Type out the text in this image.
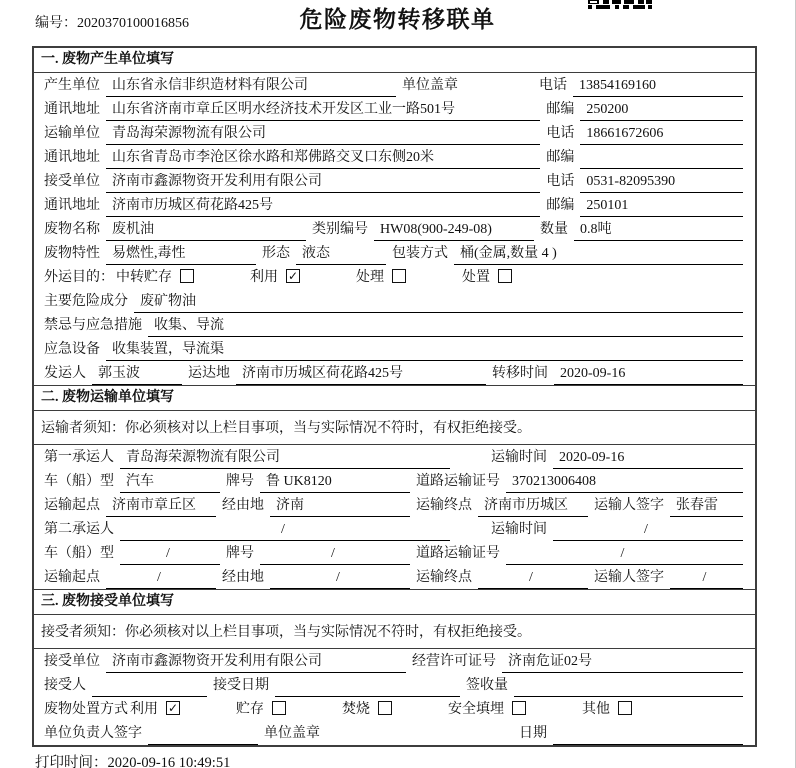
编号：2020370100016856	危险废物转移联单
一. 废物产生单位填写
产生单位 山东省永信非织造材料有限公司	单位盖章	电话 13854169160
通讯地址 山东省济南市章丘区明水经济技术开发区工业一路501号	邮编 250200
运输单位 青岛海荣源物流有限公司	电话 18661672606
通讯地址 山东省青岛市李沧区徐水路和郑佛路交叉口东侧20米	邮编
接受单位 济南市鑫源物资开发利用有限公司	电话 0531-82095390
通讯地址 济南市历城区荷花路425号	邮编 250101
废物名称 废机油	类别编号 HW08(900-249-08)	数量 0.8吨
废物特性 易燃性,毒性	形态 液态	包装方式 桶(金属,数量 4 )
外运目的： 中转贮存	利用 ✓	处理	处置
主要危险成分 废矿物油
禁忌与应急措施 收集、导流
应急设备 收集装置，导流渠
发运人 郭玉波	运达地 济南市历城区荷花路425号	转移时间 2020-09-16
二. 废物运输单位填写
运输者须知：你必须核对以上栏目事项，当与实际情况不符时，有权拒绝接受。
第一承运人 青岛海荣源物流有限公司	运输时间 2020-09-16
车（船）型 汽车	牌号 鲁 UK8120	道路运输证号 370213006408
运输起点 济南市章丘区	经由地 济南	运输终点 济南市历城区	运输人签字 张春雷
第二承运人	/	运输时间	/
车（船）型	/	牌号	/	道路运输证号	/
运输起点	/	经由地	/	运输终点	/	运输人签字	/
三. 废物接受单位填写
接受者须知：你必须核对以上栏目事项，当与实际情况不符时，有权拒绝接受。
接受单位 济南市鑫源物资开发利用有限公司	经营许可证号 济南危证02号
接受人	接受日期	签收量
废物处置方式 利用 ✓	贮存	焚烧	安全填埋	其他
单位负责人签字	单位盖章	日期
打印时间：2020-09-16 10:49:51
